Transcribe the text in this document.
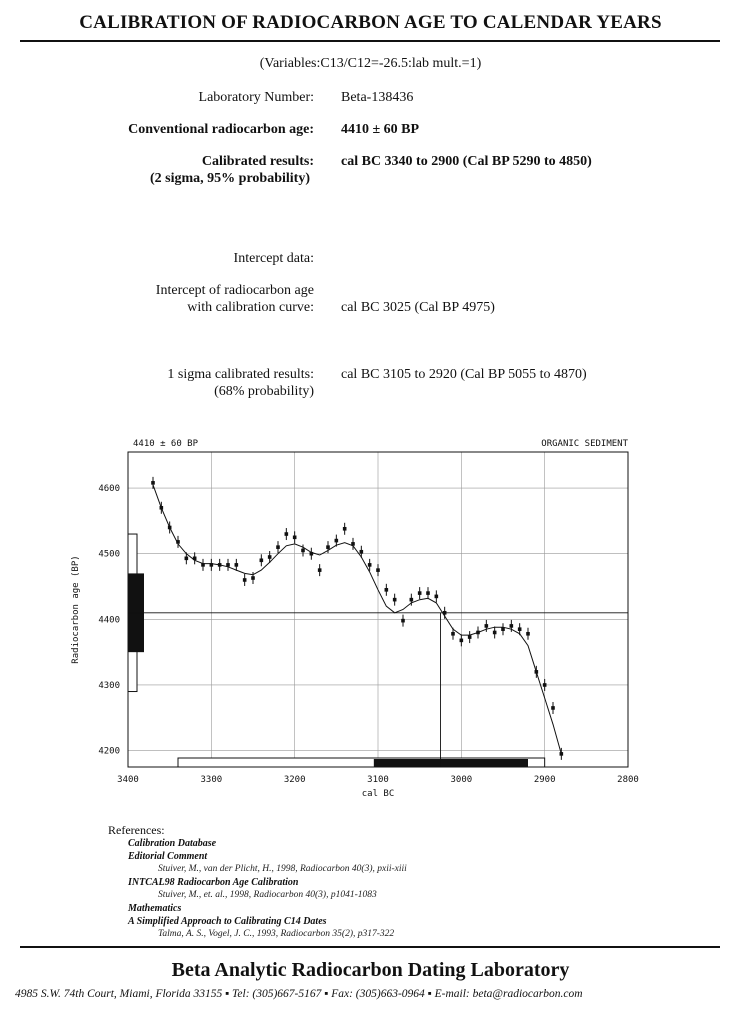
CALIBRATION OF RADIOCARBON AGE TO CALENDAR YEARS
(Variables:C13/C12=-26.5:lab mult.=1)
Laboratory Number: Beta-138436
Conventional radiocarbon age: 4410 ± 60 BP
Calibrated results:
(2 sigma, 95% probability)
cal BC 3340 to 2900 (Cal BP 5290 to 4850)
Intercept data:
Intercept of radiocarbon age
with calibration curve: cal BC 3025 (Cal BP 4975)
1 sigma calibrated results:
(68% probability)
cal BC 3105 to 2920 (Cal BP 5055 to 4870)
4410 ± 60 BP	ORGANIC SEDIMENT
3400	3300	3200	3100	3000	2900	2800
4600
4500
4400
4300
4200
cal BC
Radiocarbon age (BP)
References:
Calibration Database
Editorial Comment
Stuiver, M., van der Plicht, H., 1998, Radiocarbon 40(3), pxii-xiii
INTCAL98 Radiocarbon Age Calibration
Stuiver, M., et. al., 1998, Radiocarbon 40(3), p1041-1083
Mathematics
A Simplified Approach to Calibrating C14 Dates
Talma, A. S., Vogel, J. C., 1993, Radiocarbon 35(2), p317-322
Beta Analytic Radiocarbon Dating Laboratory
4985 S.W. 74th Court, Miami, Florida 33155 ▪ Tel: (305)667-5167 ▪ Fax: (305)663-0964 ▪ E-mail: beta@radiocarbon.com
